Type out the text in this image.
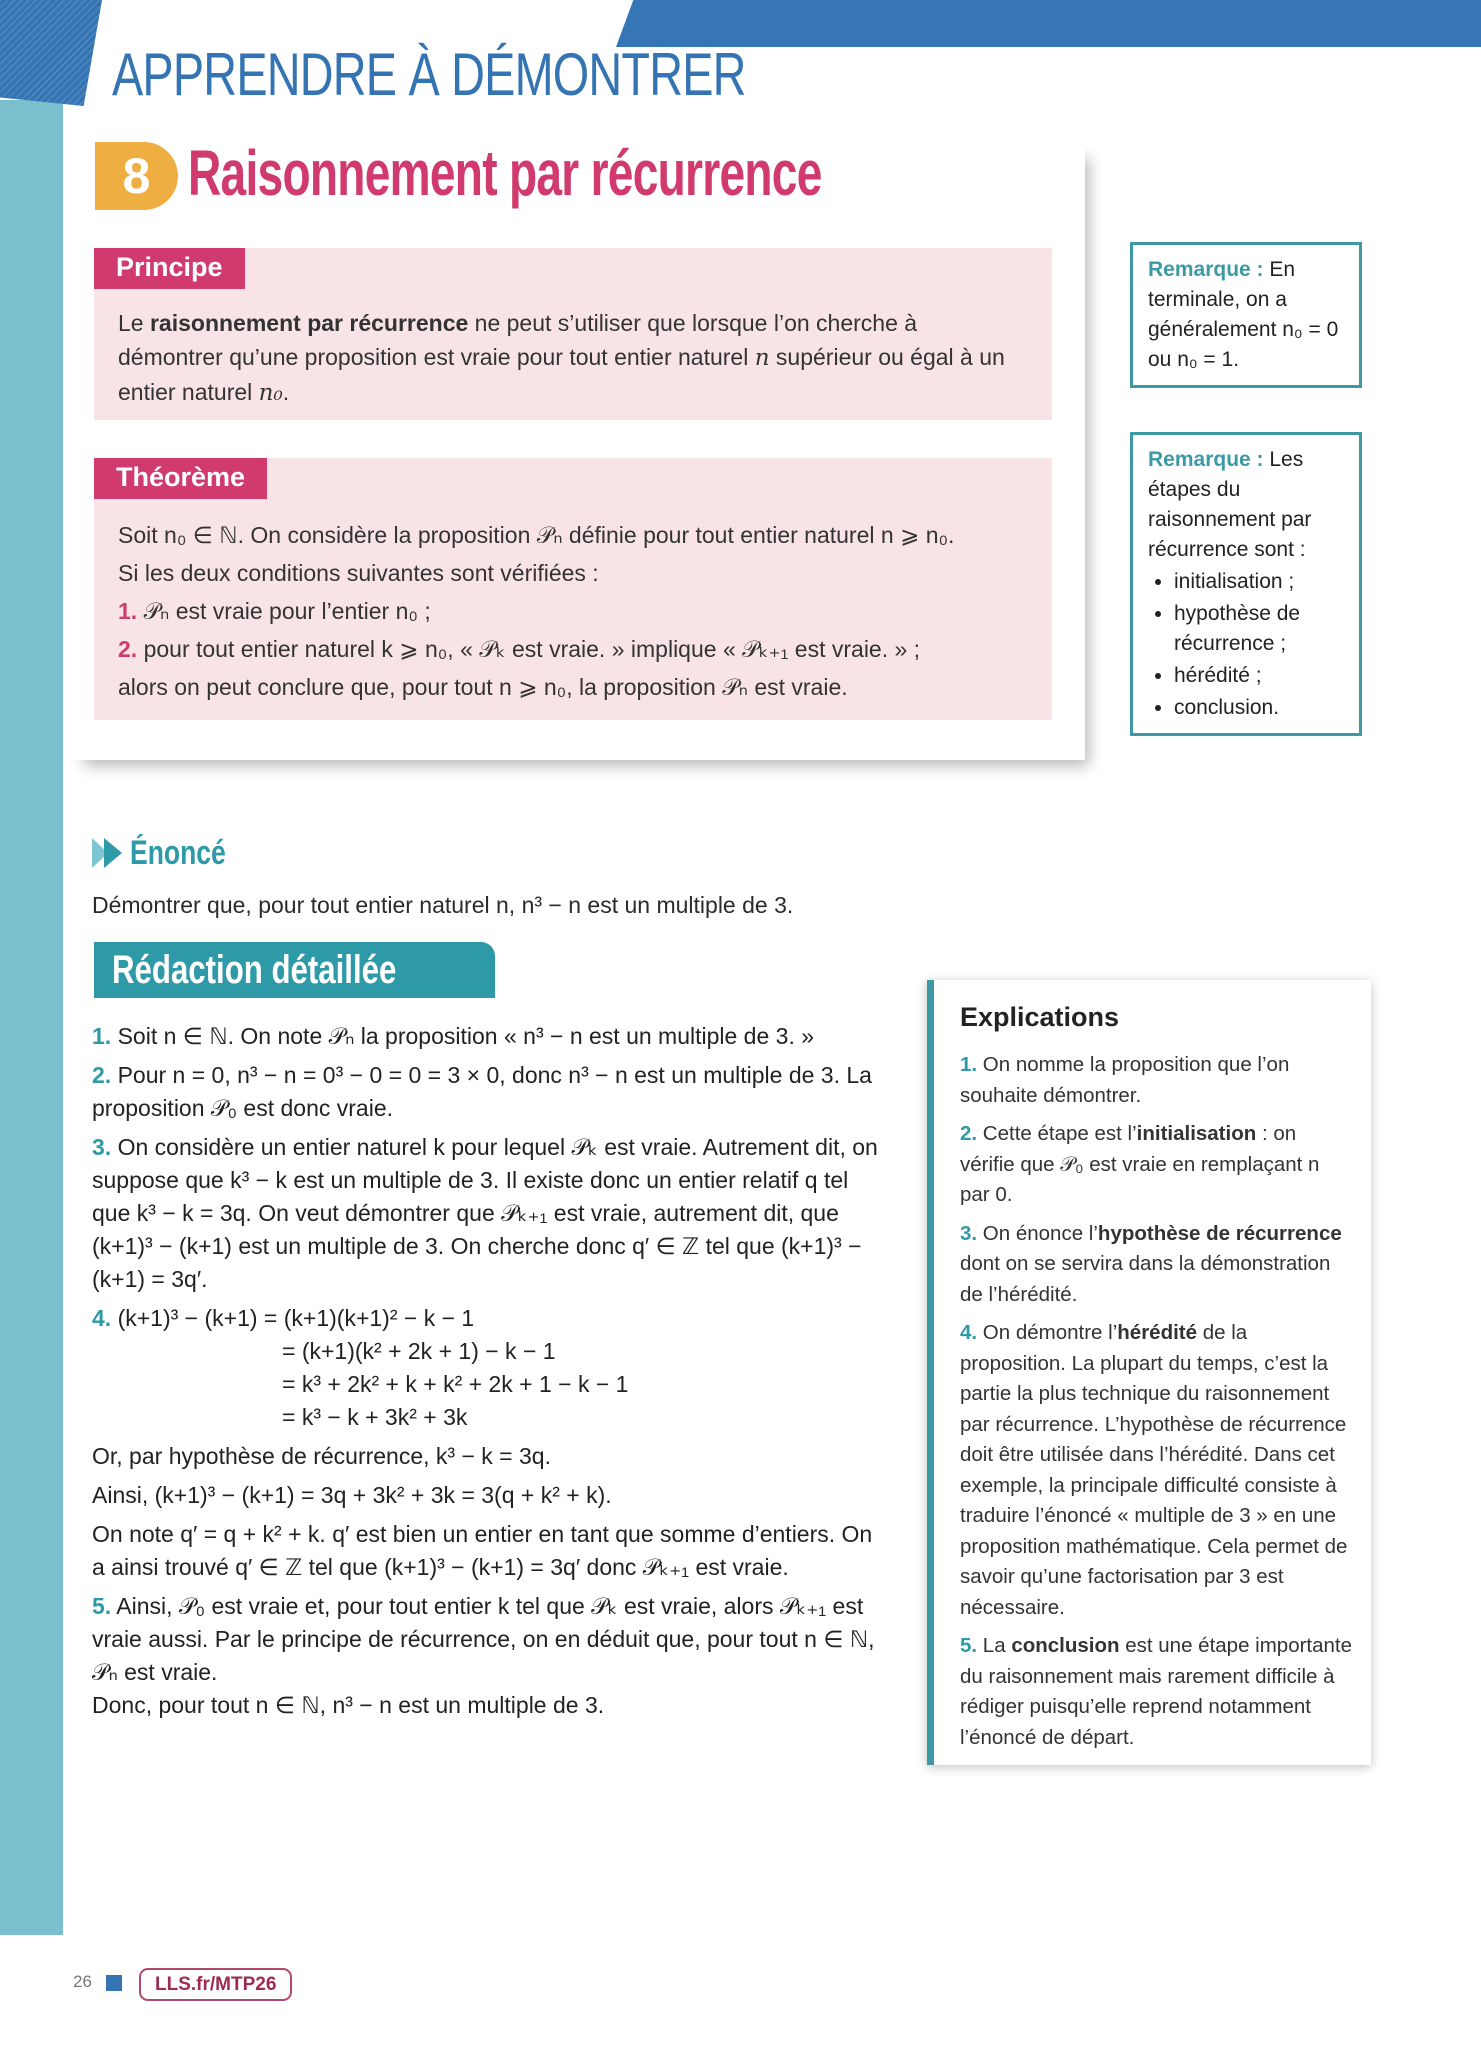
APPRENDRE À DÉMONTRER
8 Raisonnement par récurrence
Principe
Le raisonnement par récurrence ne peut s’utiliser que lorsque l’on cherche à démontrer qu’une proposition est vraie pour tout entier naturel n supérieur ou égal à un entier naturel n₀.
Théorème
Soit n₀ ∈ ℕ. On considère la proposition 𝒫ₙ définie pour tout entier naturel n ⩾ n₀.
Si les deux conditions suivantes sont vérifiées :
1. 𝒫ₙ est vraie pour l’entier n₀ ;
2. pour tout entier naturel k ⩾ n₀, « 𝒫ₖ est vraie. » implique « 𝒫ₖ₊₁ est vraie. » ;
alors on peut conclure que, pour tout n ⩾ n₀, la proposition 𝒫ₙ est vraie.
Remarque : En terminale, on a généralement n₀ = 0 ou n₀ = 1.
Remarque : Les étapes du raisonnement par récurrence sont :
• initialisation ;
• hypothèse de récurrence ;
• hérédité ;
• conclusion.
Énoncé
Démontrer que, pour tout entier naturel n, n³ − n est un multiple de 3.
Rédaction détaillée

1. Soit n ∈ ℕ. On note 𝒫ₙ la proposition « n³ − n est un multiple de 3. »

2. Pour n = 0, n³ − n = 0³ − 0 = 0 = 3 × 0, donc n³ − n est un multiple de 3. La proposition 𝒫₀ est donc vraie.

3. On considère un entier naturel k pour lequel 𝒫ₖ est vraie. Autrement dit, on suppose que k³ − k est un multiple de 3. Il existe donc un entier relatif q tel que k³ − k = 3q. On veut démontrer que 𝒫ₖ₊₁ est vraie, autrement dit, que (k+1)³ − (k+1) est un multiple de 3. On cherche donc q′ ∈ ℤ tel que (k+1)³ − (k+1) = 3q′.

4. (k+1)³ − (k+1) = (k+1)(k+1)² − k − 1
= (k+1)(k² + 2k + 1) − k − 1
= k³ + 2k² + k + k² + 2k + 1 − k − 1
= k³ − k + 3k² + 3k

Or, par hypothèse de récurrence, k³ − k = 3q.

Ainsi, (k+1)³ − (k+1) = 3q + 3k² + 3k = 3(q + k² + k).

On note q′ = q + k² + k. q′ est bien un entier en tant que somme d’entiers. On a ainsi trouvé q′ ∈ ℤ tel que (k+1)³ − (k+1) = 3q′ donc 𝒫ₖ₊₁ est vraie.

5. Ainsi, 𝒫₀ est vraie et, pour tout entier k tel que 𝒫ₖ est vraie, alors 𝒫ₖ₊₁ est vraie aussi. Par le principe de récurrence, on en déduit que, pour tout n ∈ ℕ, 𝒫ₙ est vraie.

Donc, pour tout n ∈ ℕ, n³ − n est un multiple de 3.

Explications

1. On nomme la proposition que l’on souhaite démontrer.

2. Cette étape est l’initialisation : on vérifie que 𝒫₀ est vraie en remplaçant n par 0.

3. On énonce l’hypothèse de récurrence dont on se servira dans la démonstration de l’hérédité.

4. On démontre l’hérédité de la proposition. La plupart du temps, c’est la partie la plus technique du raisonnement par récurrence. L’hypothèse de récurrence doit être utilisée dans l’hérédité. Dans cet exemple, la principale difficulté consiste à traduire l’énoncé « multiple de 3 » en une proposition mathématique. Cela permet de savoir qu’une factorisation par 3 est nécessaire.

5. La conclusion est une étape importante du raisonnement mais rarement difficile à rédiger puisqu’elle reprend notamment l’énoncé de départ.

26	LLS.fr/MTP26
